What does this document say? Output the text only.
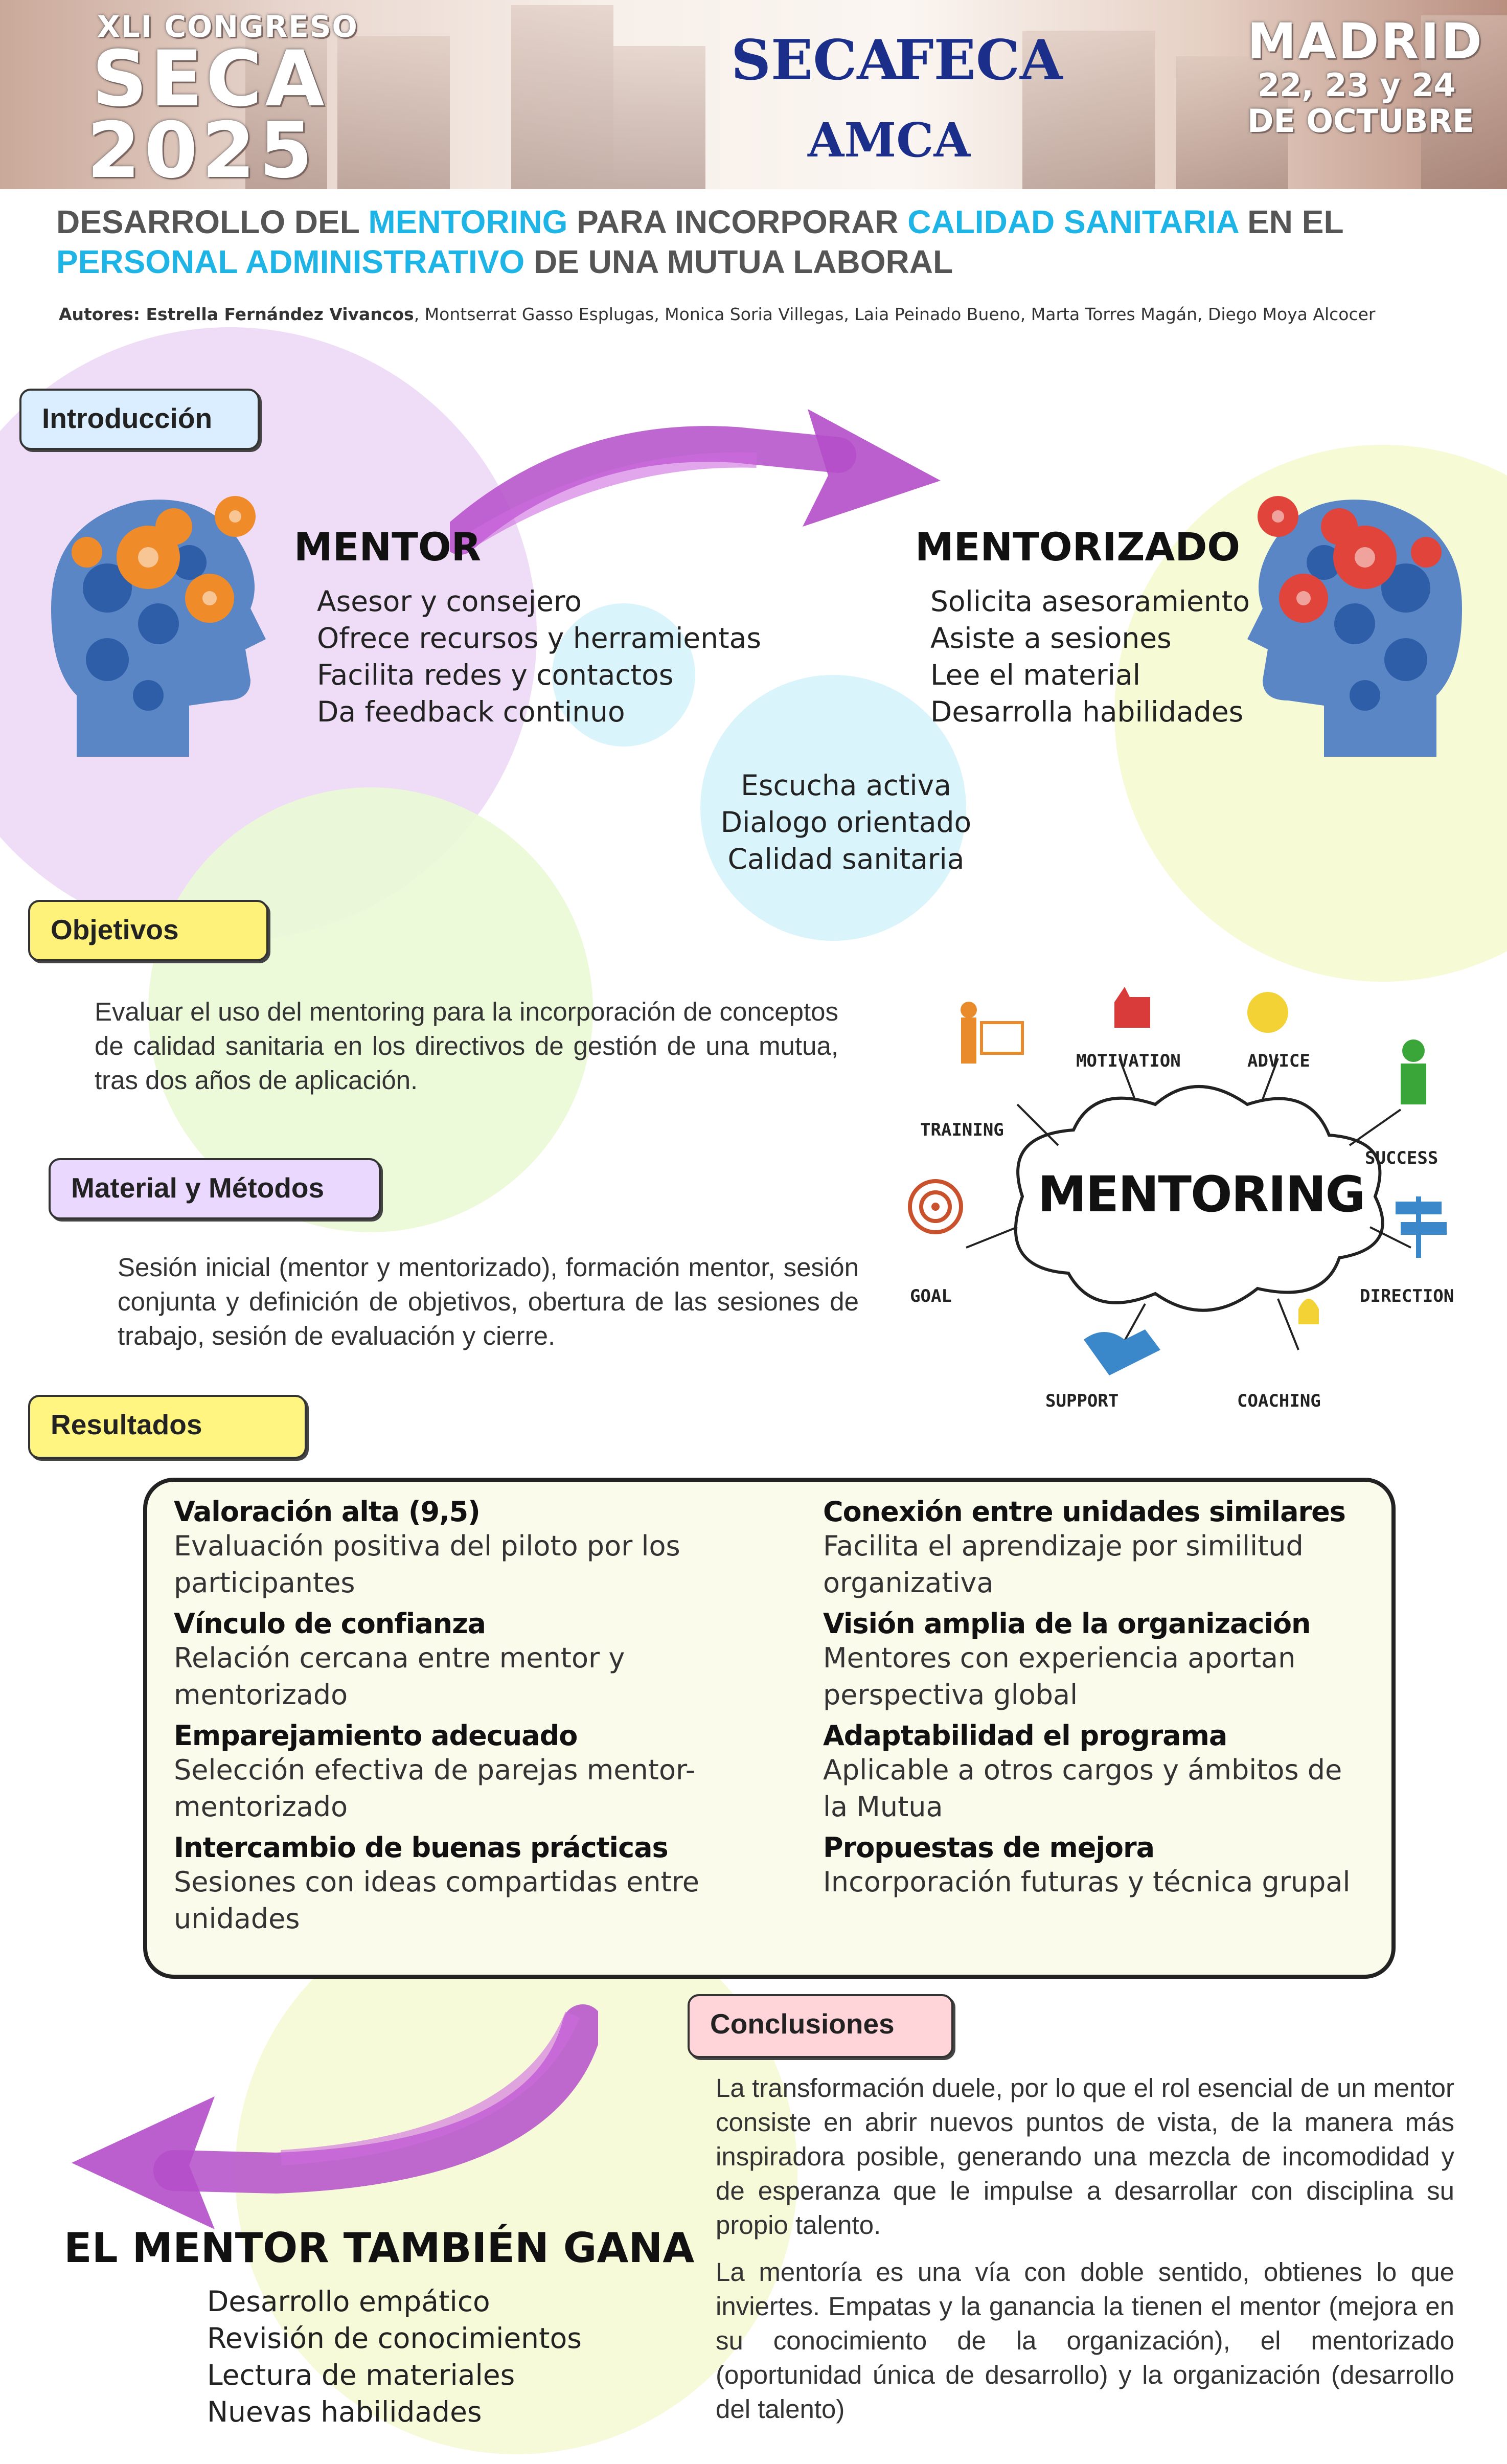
XLI CONGRESO
SECA
2025
SECA
FECA
AMCA
MADRID
22, 23 y 24
DE OCTUBRE
DESARROLLO DEL MENTORING PARA INCORPORAR CALIDAD SANITARIA EN EL
PERSONAL ADMINISTRATIVO DE UNA MUTUA LABORAL
Autores: Estrella Fernández Vivancos, Montserrat Gasso Esplugas, Monica Soria Villegas, Laia Peinado Bueno, Marta Torres Magán, Diego Moya Alcocer
Introducción
MENTOR
Asesor y consejero
Ofrece recursos y herramientas
Facilita redes y contactos
Da feedback continuo
MENTORIZADO
Solicita asesoramiento
Asiste a sesiones
Lee el material
Desarrolla habilidades
Escucha activa
Dialogo orientado
Calidad sanitaria
Objetivos
Evaluar el uso del mentoring para la incorporación de conceptos de calidad sanitaria en los directivos de gestión de una mutua, tras dos años de aplicación.
MENTORING
TRAINING
MOTIVATION	ADVICE
SUCCESS
DIRECTION
COACHING
SUPPORT
GOAL
Material y Métodos
Sesión inicial (mentor y mentorizado), formación mentor, sesión conjunta y definición de objetivos, obertura de las sesiones de trabajo, sesión de evaluación y cierre.
Resultados
Valoración alta (9,5)
Evaluación positiva del piloto por los participantes
Vínculo de confianza
Relación cercana entre mentor y mentorizado
Emparejamiento adecuado
Selección efectiva de parejas mentor-mentorizado
Intercambio de buenas prácticas
Sesiones con ideas compartidas entre unidades
Conexión entre unidades similares
Facilita el aprendizaje por similitud organizativa
Visión amplia de la organización
Mentores con experiencia aportan perspectiva global
Adaptabilidad el programa
Aplicable a otros cargos y ámbitos de la Mutua
Propuestas de mejora
Incorporación futuras y técnica grupal
Conclusiones
La transformación duele, por lo que el rol esencial de un mentor consiste en abrir nuevos puntos de vista, de la manera más inspiradora posible, generando una mezcla de incomodidad y de esperanza que le impulse a desarrollar con disciplina su propio talento.
La mentoría es una vía con doble sentido, obtienes lo que inviertes. Empatas y la ganancia la tienen el mentor (mejora en su conocimiento de la organización), el mentorizado (oportunidad única de desarrollo) y la organización (desarrollo del talento)
EL MENTOR TAMBIÉN GANA
Desarrollo empático
Revisión de conocimientos
Lectura de materiales
Nuevas habilidades
